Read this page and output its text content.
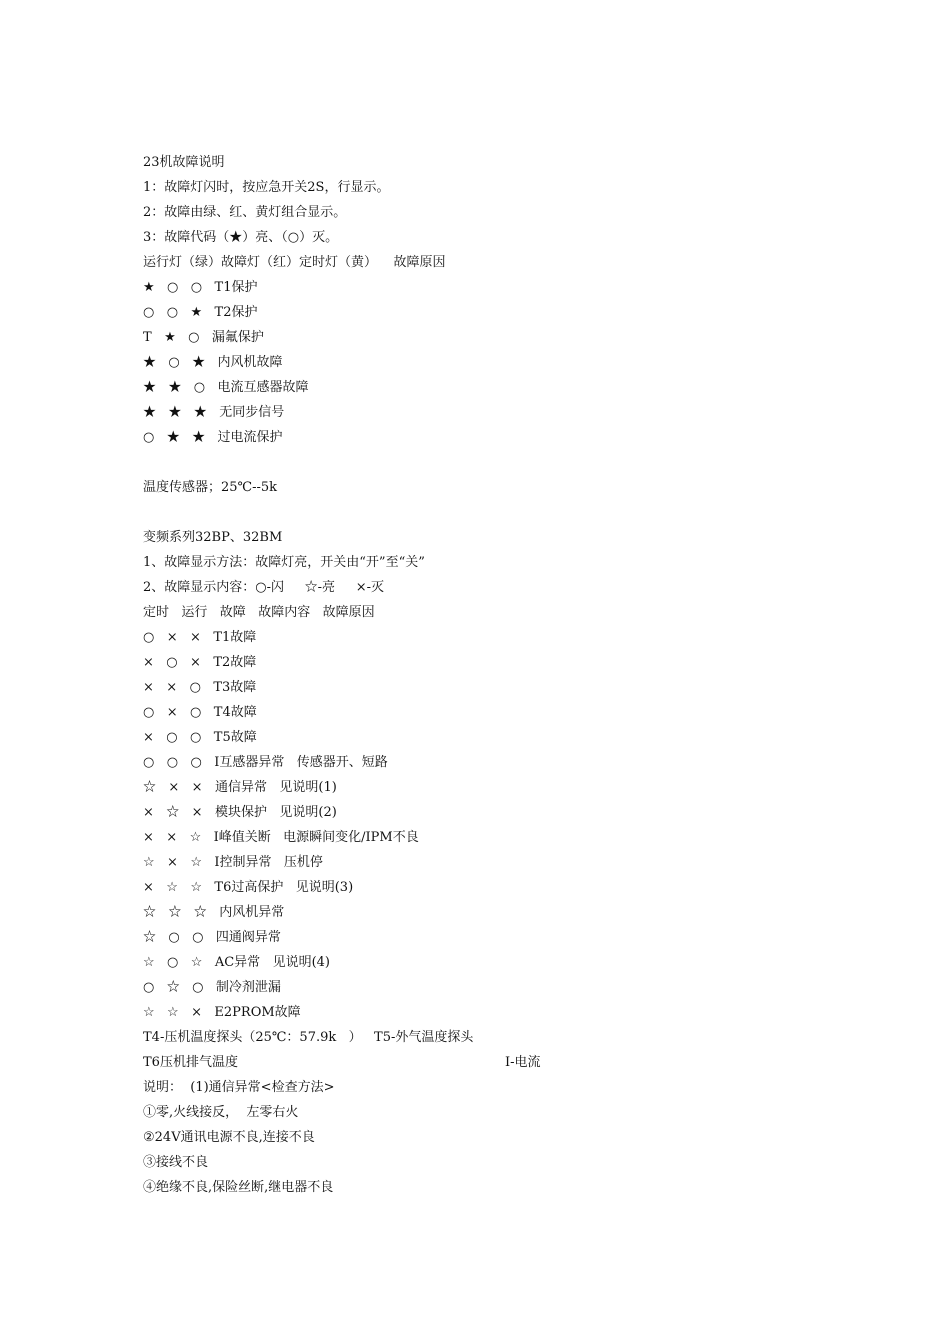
23机故障说明
1：故障灯闪时，按应急开关2S，行显示。
2：故障由绿、红、黄灯组合显示。
3：故障代码（★）亮、（○）灭。
运行灯（绿）故障灯（红）定时灯（黄）    故障原因
★   ○   ○   T1保护
○   ○   ★   T2保护
T   ★   ○   漏氟保护
★   ○   ★   内风机故障
★   ★   ○   电流互感器故障
★   ★   ★   无同步信号
○   ★   ★   过电流保护
温度传感器；25℃--5k
变频系列32BP、32BM
1、故障显示方法：故障灯亮，开关由“开”至“关”
2、故障显示内容：○-闪     ☆-亮     ×-灭
定时   运行   故障   故障内容   故障原因
○   ×   ×   T1故障
×   ○   ×   T2故障
×   ×   ○   T3故障
○   ×   ○   T4故障
×   ○   ○   T5故障
○   ○   ○   I互感器异常   传感器开、短路
☆   ×   ×   通信异常   见说明(1)
×   ☆   ×   模块保护   见说明(2)
×   ×   ☆   I峰值关断   电源瞬间变化/IPM不良
☆   ×   ☆   I控制异常   压机停
×   ☆   ☆   T6过高保护   见说明(3)
☆   ☆   ☆   内风机异常
☆   ○   ○   四通阀异常
☆   ○   ☆   AC异常   见说明(4)
○   ☆   ○   制冷剂泄漏
☆   ☆   ×   E2PROM故障
T4-压机温度探头（25℃：57.9k   ）   T5-外气温度探头
T6压机排气温度	I-电流
说明：  (1)通信异常<检查方法>
①零,火线接反，  左零右火
②24V通讯电源不良,连接不良
③接线不良
④绝缘不良,保险丝断,继电器不良
